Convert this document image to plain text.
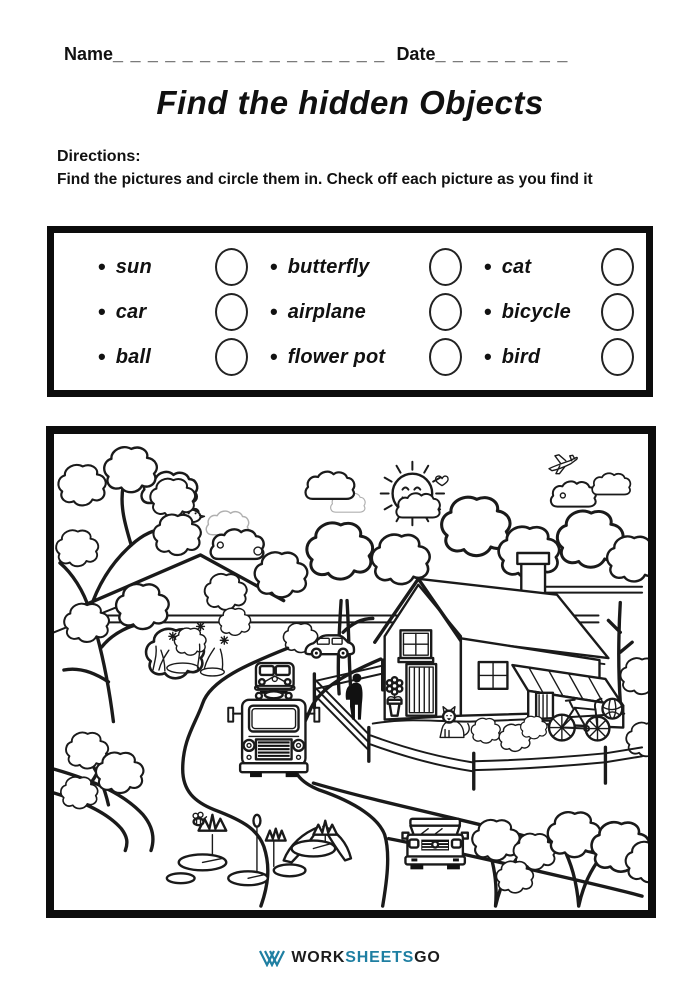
Name_ _ _ _ _ _ _ _ _ _ _ _ _ _ _ _ Date_ _ _ _ _ _ _ _
Find the hidden Objects
Directions:
Find the pictures and circle them in. Check off each picture as you find it
• sun	• butterfly	• cat
• car	• airplane	• bicycle
• ball	• flower pot	• bird
WORKSHEETSGO
